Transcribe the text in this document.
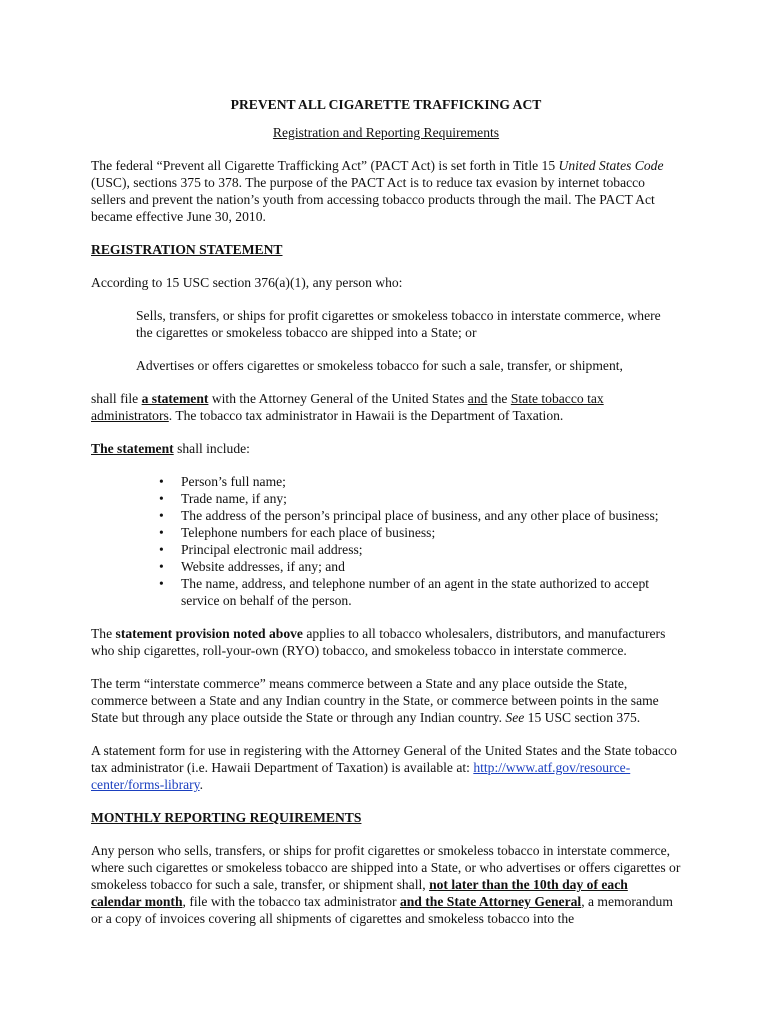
PREVENT ALL CIGARETTE TRAFFICKING ACT

Registration and Reporting Requirements

The federal “Prevent all Cigarette Trafficking Act” (PACT Act) is set forth in Title 15 United States Code (USC), sections 375 to 378. The purpose of the PACT Act is to reduce tax evasion by internet tobacco sellers and prevent the nation’s youth from accessing tobacco products through the mail. The PACT Act became effective June 30, 2010.

REGISTRATION STATEMENT

According to 15 USC section 376(a)(1), any person who:

Sells, transfers, or ships for profit cigarettes or smokeless tobacco in interstate commerce, where the cigarettes or smokeless tobacco are shipped into a State; or

Advertises or offers cigarettes or smokeless tobacco for such a sale, transfer, or shipment,

shall file a statement with the Attorney General of the United States and the State tobacco tax administrators. The tobacco tax administrator in Hawaii is the Department of Taxation.

The statement shall include:

• Person’s full name;
• Trade name, if any;
• The address of the person’s principal place of business, and any other place of business;
• Telephone numbers for each place of business;
• Principal electronic mail address;
• Website addresses, if any; and
• The name, address, and telephone number of an agent in the state authorized to accept service on behalf of the person.

The statement provision noted above applies to all tobacco wholesalers, distributors, and manufacturers who ship cigarettes, roll-your-own (RYO) tobacco, and smokeless tobacco in interstate commerce.

The term “interstate commerce” means commerce between a State and any place outside the State, commerce between a State and any Indian country in the State, or commerce between points in the same State but through any place outside the State or through any Indian country. See 15 USC section 375.

A statement form for use in registering with the Attorney General of the United States and the State tobacco tax administrator (i.e. Hawaii Department of Taxation) is available at: http://www.atf.gov/resource-center/forms-library.

MONTHLY REPORTING REQUIREMENTS

Any person who sells, transfers, or ships for profit cigarettes or smokeless tobacco in interstate commerce, where such cigarettes or smokeless tobacco are shipped into a State, or who advertises or offers cigarettes or smokeless tobacco for such a sale, transfer, or shipment shall, not later than the 10th day of each calendar month, file with the tobacco tax administrator and the State Attorney General, a memorandum or a copy of invoices covering all shipments of cigarettes and smokeless tobacco into the
